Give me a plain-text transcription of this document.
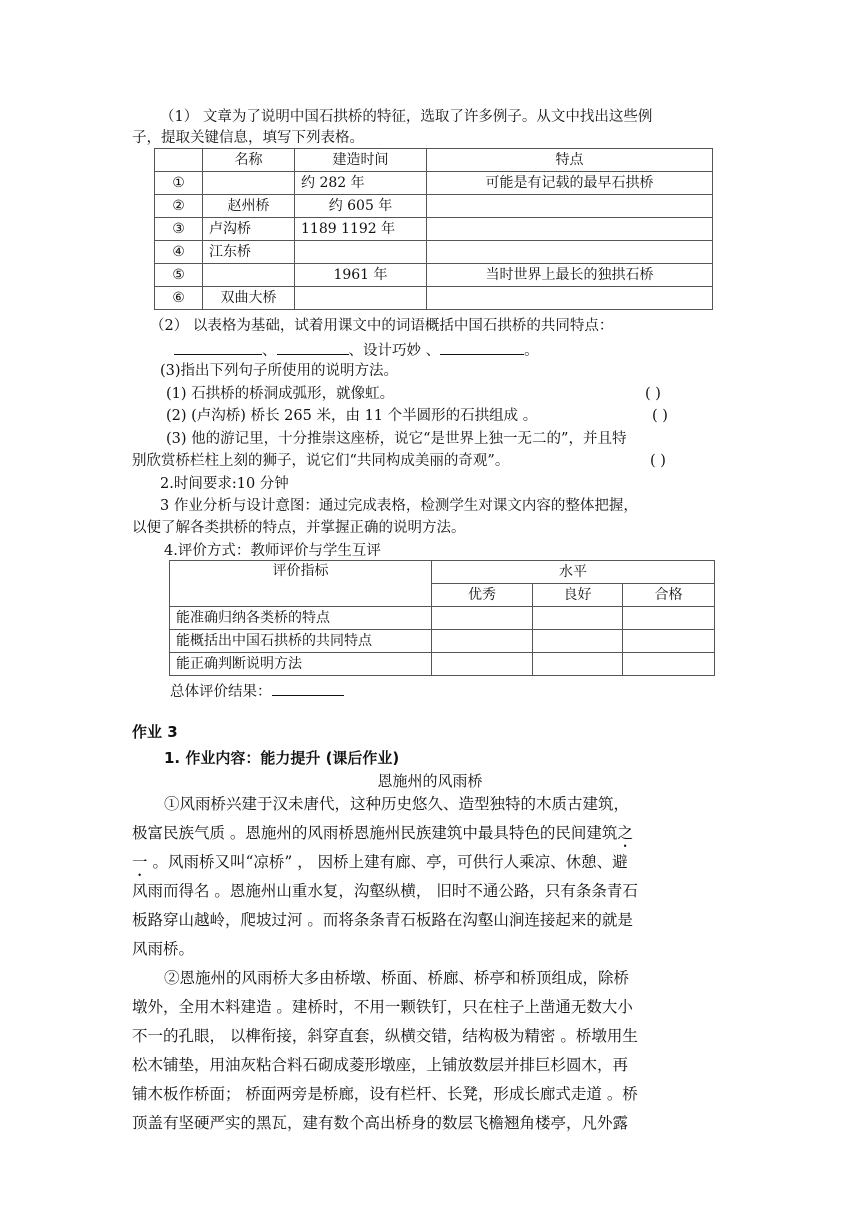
（1） 文章为了说明中国石拱桥的特征，选取了许多例子。从文中找出这些例
子，提取关键信息，填写下列表格。
	名称	建造时间	特点
①		约 282 年	可能是有记载的最早石拱桥
②	赵州桥	约 605 年	
③	卢沟桥	1189 1192 年	
④	江东桥		
⑤		1961 年	当时世界上最长的独拱石桥
⑥	双曲大桥		
（2） 以表格为基础，试着用课文中的词语概括中国石拱桥的共同特点：
、	、设计巧妙 、	。
(3)指出下列句子所使用的说明方法。
(1) 石拱桥的桥洞成弧形，就像虹。	( )
(2) (卢沟桥) 桥长 265 米，由 11 个半圆形的石拱组成 。	( )
(3) 他的游记里，十分推崇这座桥，说它“是世界上独一无二的”，并且特
别欣赏桥栏柱上刻的狮子，说它们“共同构成美丽的奇观”。	( )
2.时间要求:10 分钟
3 作业分析与设计意图：通过完成表格，检测学生对课文内容的整体把握，
以便了解各类拱桥的特点，并掌握正确的说明方法。
4.评价方式：教师评价与学生互评
评价指标	水平		
	优秀	良好	合格
能准确归纳各类桥的特点			
能概括出中国石拱桥的共同特点			
能正确判断说明方法			
总体评价结果：
作业 3
1. 作业内容：能力提升 (课后作业)
恩施州的风雨桥
①风雨桥兴建于汉未唐代，这种历史悠久、造型独特的木质古建筑，
极富民族气质 。恩施州的风雨桥恩施州民族建筑中最具特色的民间建筑之
一 。风雨桥又叫“凉桥” ， 因桥上建有廊、亭，可供行人乘凉、休憩、避
风雨而得名 。恩施州山重水复，沟壑纵横， 旧时不通公路，只有条条青石
板路穿山越岭，爬坡过河 。而将条条青石板路在沟壑山涧连接起来的就是
风雨桥。
②恩施州的风雨桥大多由桥墩、桥面、桥廊、桥亭和桥顶组成，除桥
墩外，全用木料建造 。建桥时，不用一颗铁钉，只在柱子上凿通无数大小
不一的孔眼， 以榫衔接，斜穿直套，纵横交错，结构极为精密 。桥墩用生
松木铺垫，用油灰粘合料石砌成菱形墩座，上铺放数层并排巨杉圆木，再
铺木板作桥面； 桥面两旁是桥廊，设有栏杆、长凳，形成长廊式走道 。桥
顶盖有坚硬严实的黑瓦，建有数个高出桥身的数层飞檐翘角楼亭，凡外露
